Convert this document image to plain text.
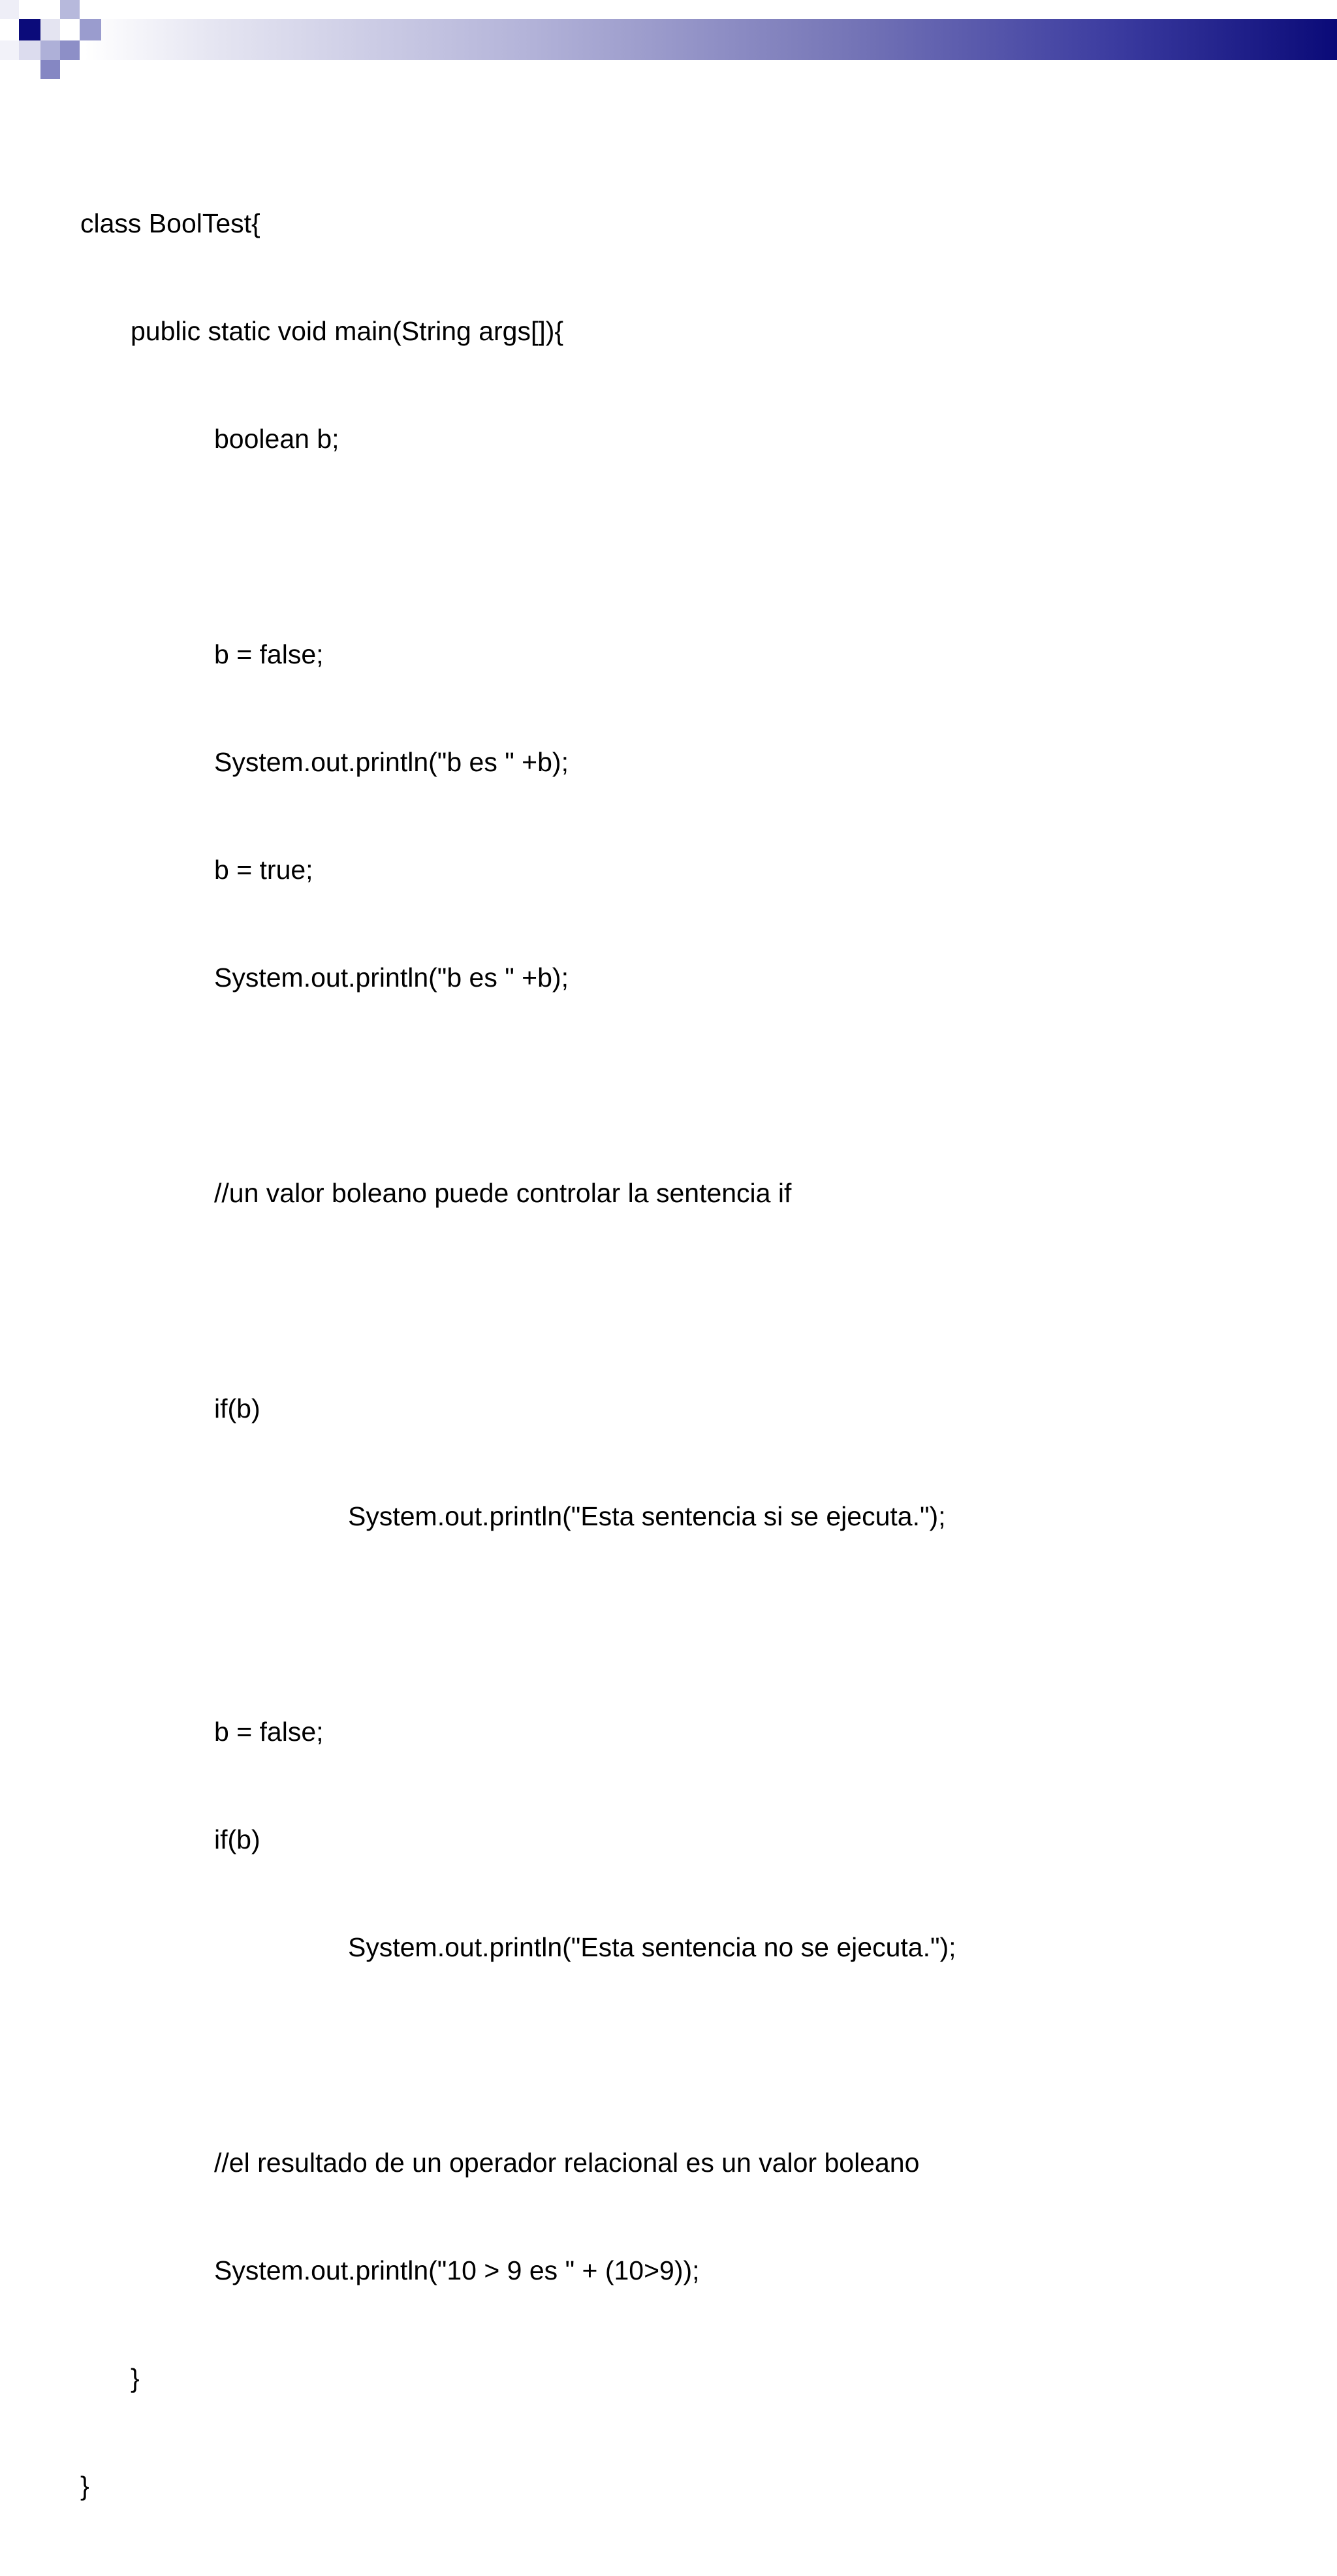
class BoolTest{

public static void main(String args[]){

boolean b;

b = false;

System.out.println("b es " +b);

b = true;

System.out.println("b es " +b);

//un valor boleano puede controlar la sentencia if

if(b)

System.out.println("Esta sentencia si se ejecuta.");

b = false;

if(b)

System.out.println("Esta sentencia no se ejecuta.");

//el resultado de un operador relacional es un valor boleano

System.out.println("10 > 9 es " + (10>9));

}

}
